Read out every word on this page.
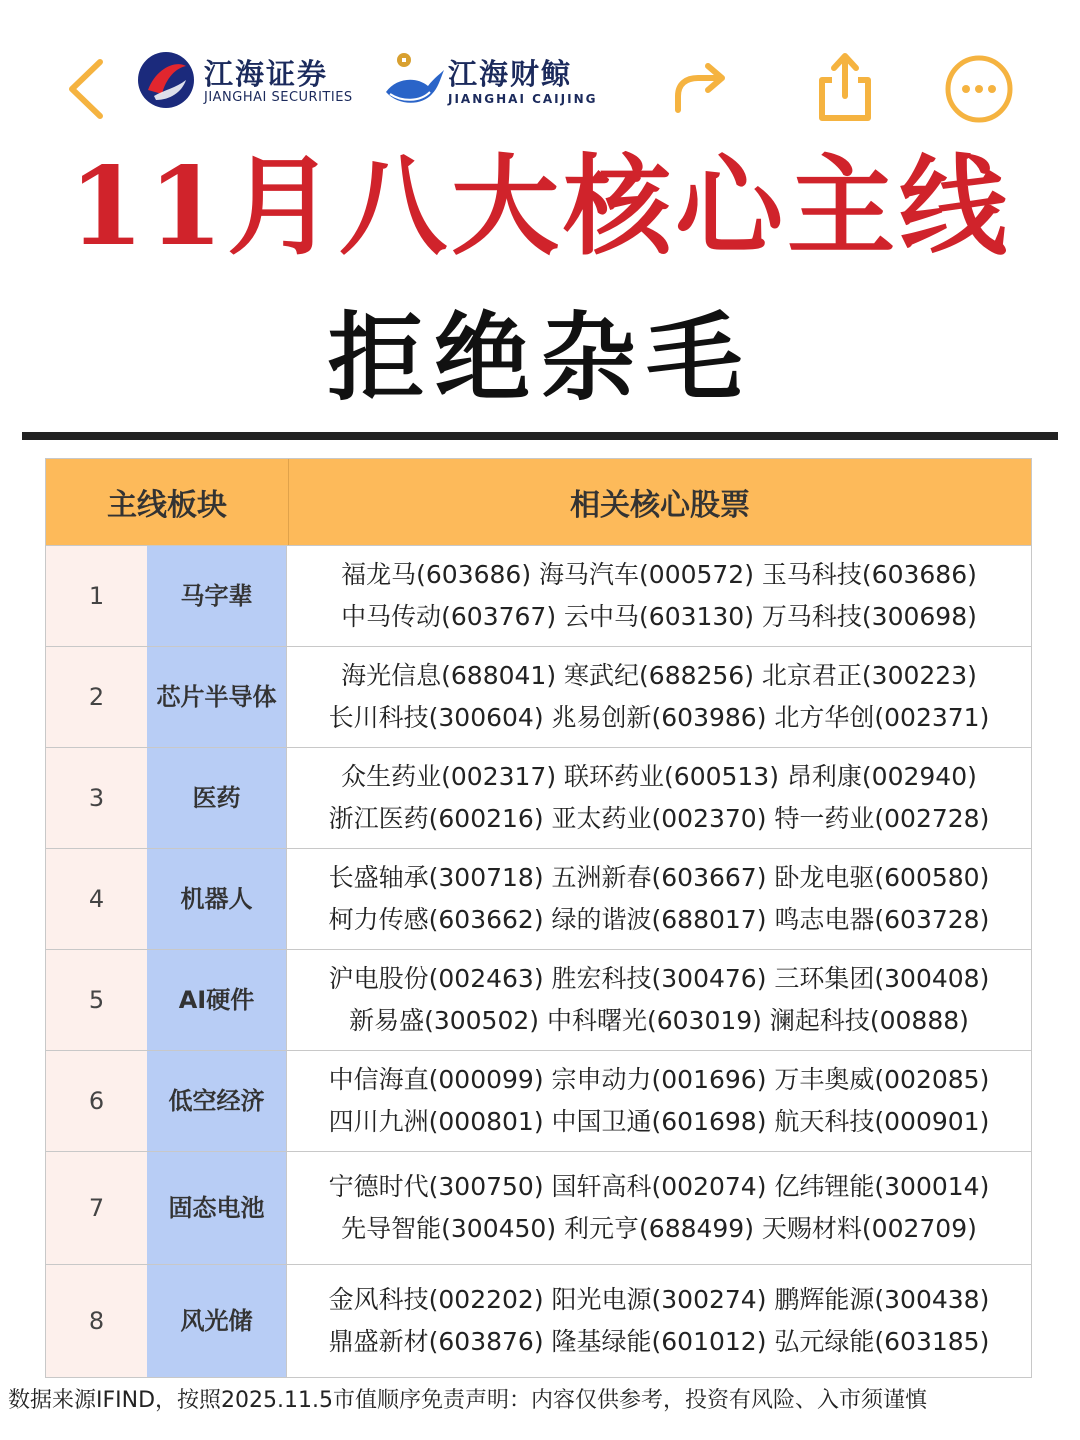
江海证券
JIANGHAI SECURITIES
江海财鲸
JIANGHAI CAIJING
11月八大核心主线
拒绝杂毛
主线板块	相关核心股票
1	马字辈
福龙马(603686) 海马汽车(000572) 玉马科技(603686)
中马传动(603767) 云中马(603130) 万马科技(300698)
2	芯片半导体
海光信息(688041) 寒武纪(688256) 北京君正(300223)
长川科技(300604) 兆易创新(603986) 北方华创(002371)
3	医药
众生药业(002317) 联环药业(600513) 昂利康(002940)
浙江医药(600216) 亚太药业(002370) 特一药业(002728)
4	机器人
长盛轴承(300718) 五洲新春(603667) 卧龙电驱(600580)
柯力传感(603662) 绿的谐波(688017) 鸣志电器(603728)
5	AI硬件
沪电股份(002463) 胜宏科技(300476) 三环集团(300408)
新易盛(300502) 中科曙光(603019) 澜起科技(00888)
6	低空经济
中信海直(000099) 宗申动力(001696) 万丰奥威(002085)
四川九洲(000801) 中国卫通(601698) 航天科技(000901)
7	固态电池
宁德时代(300750) 国轩高科(002074) 亿纬锂能(300014)
先导智能(300450) 利元亨(688499) 天赐材料(002709)
8	风光储
金风科技(002202) 阳光电源(300274) 鹏辉能源(300438)
鼎盛新材(603876) 隆基绿能(601012) 弘元绿能(603185)
数据来源IFIND，按照2025.11.5市值顺序免责声明：内容仅供参考，投资有风险、入市须谨慎
